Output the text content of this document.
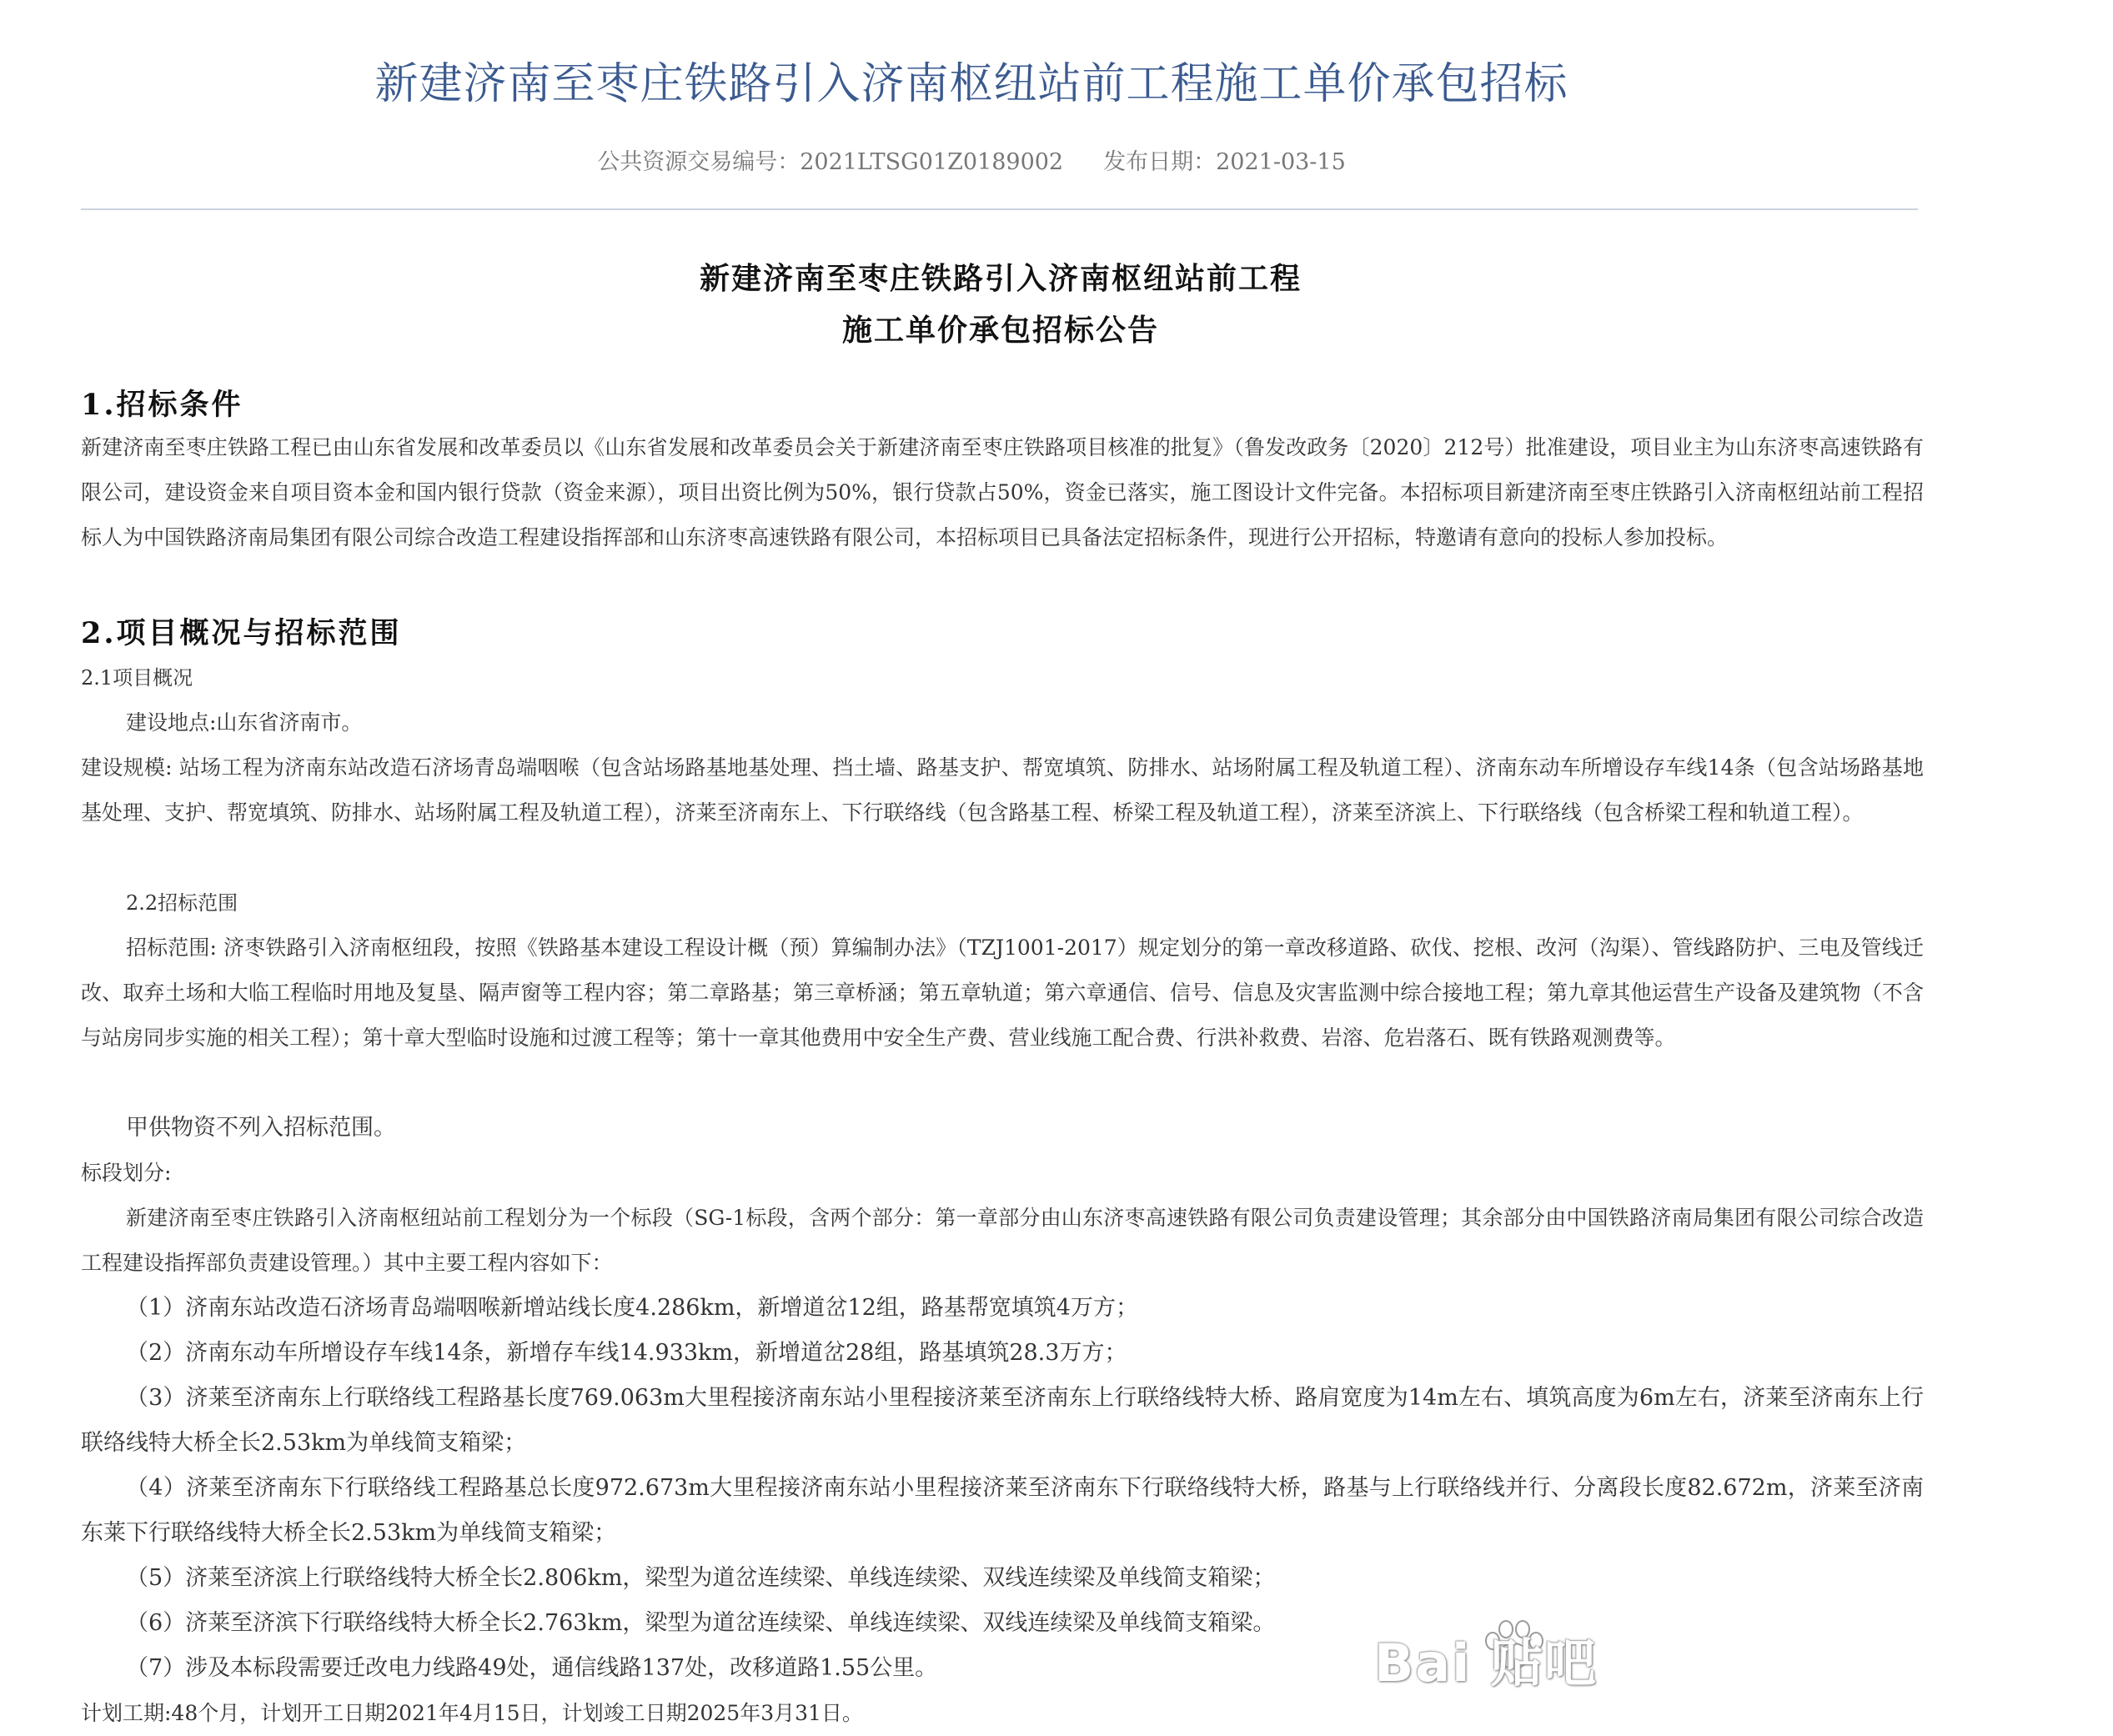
新建济南至枣庄铁路引入济南枢纽站前工程施工单价承包招标
公共资源交易编号：2021LTSG01Z0189002 发布日期：2021-03-15
新建济南至枣庄铁路引入济南枢纽站前工程
施工单价承包招标公告
1.招标条件
新建济南至枣庄铁路工程已由山东省发展和改革委员以《山东省发展和改革委员会关于新建济南至枣庄铁路项目核准的批复》（鲁发改政务〔2020〕212号）批准建设，项目业主为山东济枣高速铁路有限公司，建设资金来自项目资本金和国内银行贷款（资金来源），项目出资比例为50%，银行贷款占50%，资金已落实，施工图设计文件完备。本招标项目新建济南至枣庄铁路引入济南枢纽站前工程招标人为中国铁路济南局集团有限公司综合改造工程建设指挥部和山东济枣高速铁路有限公司，本招标项目已具备法定招标条件，现进行公开招标，特邀请有意向的投标人参加投标。
2.项目概况与招标范围
2.1项目概况
建设地点:山东省济南市。
建设规模: 站场工程为济南东站改造石济场青岛端咽喉（包含站场路基地基处理、挡土墙、路基支护、帮宽填筑、防排水、站场附属工程及轨道工程）、济南东动车所增设存车线14条（包含站场路基地基处理、支护、帮宽填筑、防排水、站场附属工程及轨道工程），济莱至济南东上、下行联络线（包含路基工程、桥梁工程及轨道工程），济莱至济滨上、下行联络线（包含桥梁工程和轨道工程）。
2.2招标范围
招标范围: 济枣铁路引入济南枢纽段，按照《铁路基本建设工程设计概（预）算编制办法》（TZJ1001-2017）规定划分的第一章改移道路、砍伐、挖根、改河（沟渠）、管线路防护、三电及管线迁改、取弃土场和大临工程临时用地及复垦、隔声窗等工程内容；第二章路基；第三章桥涵；第五章轨道；第六章通信、信号、信息及灾害监测中综合接地工程；第九章其他运营生产设备及建筑物（不含与站房同步实施的相关工程）；第十章大型临时设施和过渡工程等；第十一章其他费用中安全生产费、营业线施工配合费、行洪补救费、岩溶、危岩落石、既有铁路观测费等。
甲供物资不列入招标范围。
标段划分:
新建济南至枣庄铁路引入济南枢纽站前工程划分为一个标段（SG-1标段，含两个部分：第一章部分由山东济枣高速铁路有限公司负责建设管理；其余部分由中国铁路济南局集团有限公司综合改造工程建设指挥部负责建设管理。）其中主要工程内容如下：
（1）济南东站改造石济场青岛端咽喉新增站线长度4.286km，新增道岔12组，路基帮宽填筑4万方；
（2）济南东动车所增设存车线14条，新增存车线14.933km，新增道岔28组，路基填筑28.3万方；
（3）济莱至济南东上行联络线工程路基长度769.063m大里程接济南东站小里程接济莱至济南东上行联络线特大桥、路肩宽度为14m左右、填筑高度为6m左右，济莱至济南东上行联络线特大桥全长2.53km为单线简支箱梁；
（4）济莱至济南东下行联络线工程路基总长度972.673m大里程接济南东站小里程接济莱至济南东下行联络线特大桥，路基与上行联络线并行、分离段长度82.672m，济莱至济南东莱下行联络线特大桥全长2.53km为单线简支箱梁；
（5）济莱至济滨上行联络线特大桥全长2.806km，梁型为道岔连续梁、单线连续梁、双线连续梁及单线简支箱梁；
（6）济莱至济滨下行联络线特大桥全长2.763km，梁型为道岔连续梁、单线连续梁、双线连续梁及单线简支箱梁。
（7）涉及本标段需要迁改电力线路49处，通信线路137处，改移道路1.55公里。
计划工期:48个月，计划开工日期2021年4月15日，计划竣工日期2025年3月31日。
Bai 贴吧
